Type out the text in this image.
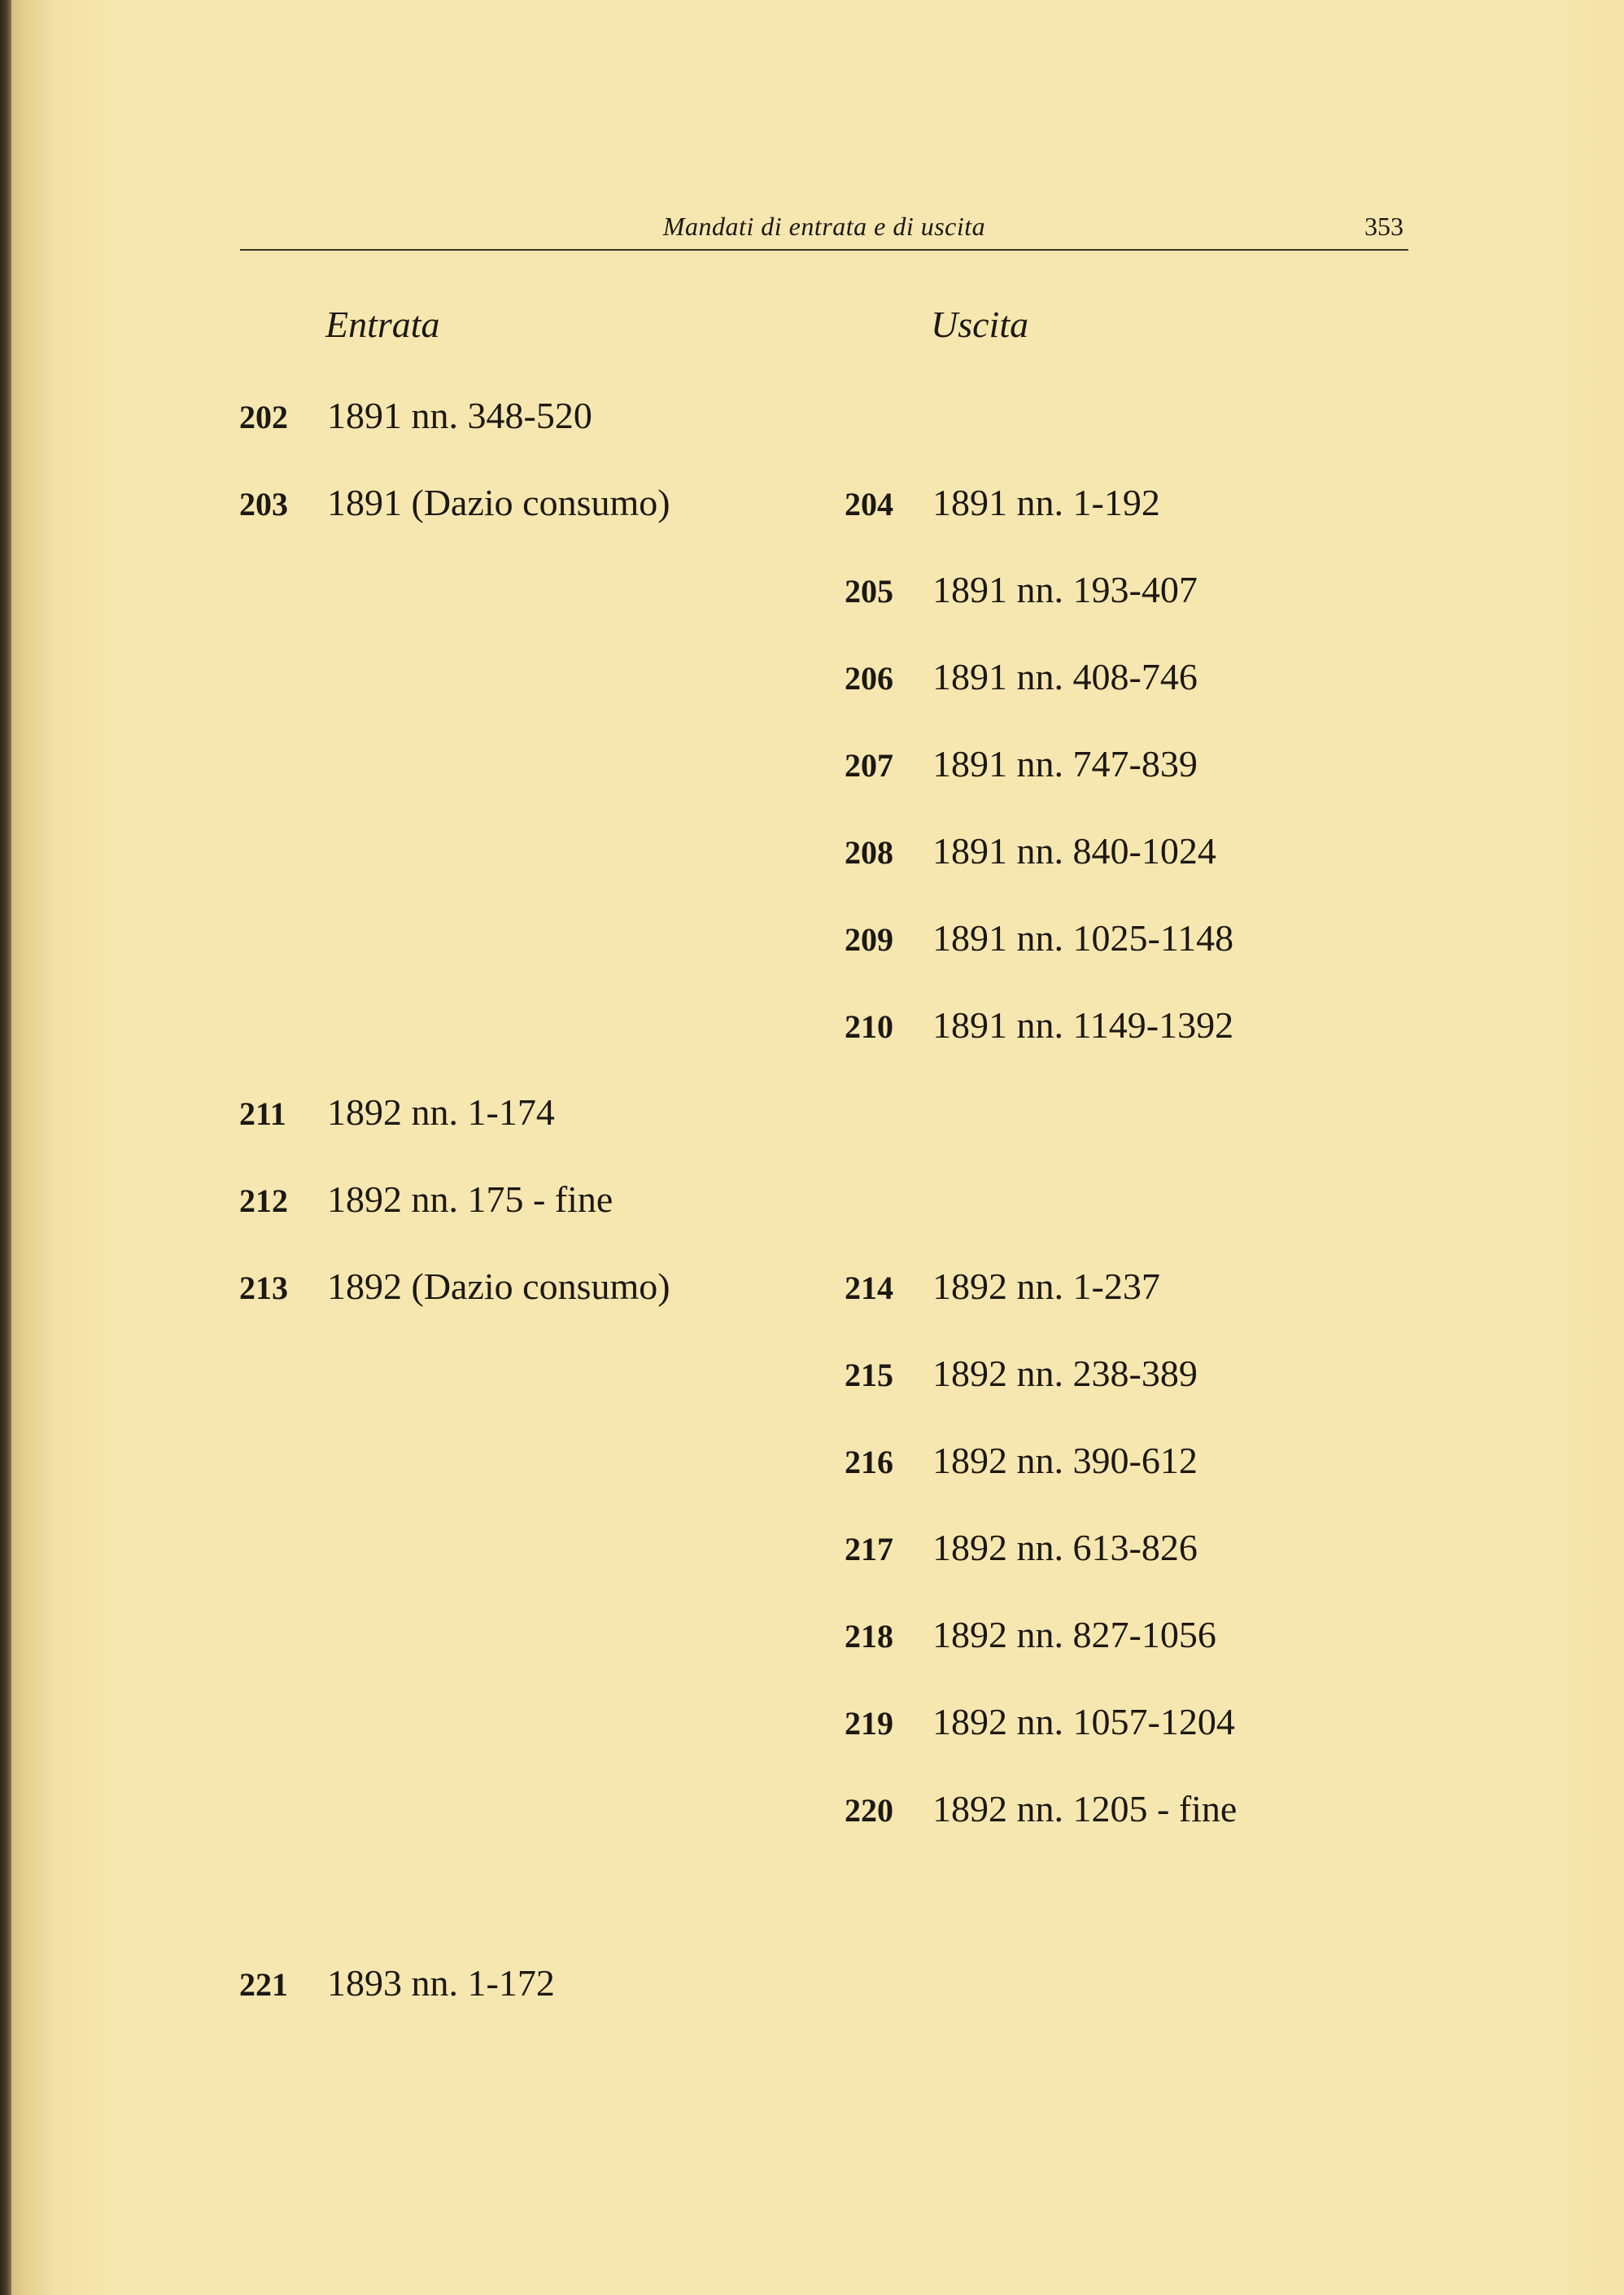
Mandati di entrata e di uscita	353
Entrata	Uscita
202 1891 nn. 348-520
203 1891 (Dazio consumo)
211 1892 nn. 1-174
212 1892 nn. 175 - fine
213 1892 (Dazio consumo)
221 1893 nn. 1-172
204 1891 nn. 1-192
205 1891 nn. 193-407
206 1891 nn. 408-746
207 1891 nn. 747-839
208 1891 nn. 840-1024
209 1891 nn. 1025-1148
210 1891 nn. 1149-1392
214 1892 nn. 1-237
215 1892 nn. 238-389
216 1892 nn. 390-612
217 1892 nn. 613-826
218 1892 nn. 827-1056
219 1892 nn. 1057-1204
220 1892 nn. 1205 - fine
